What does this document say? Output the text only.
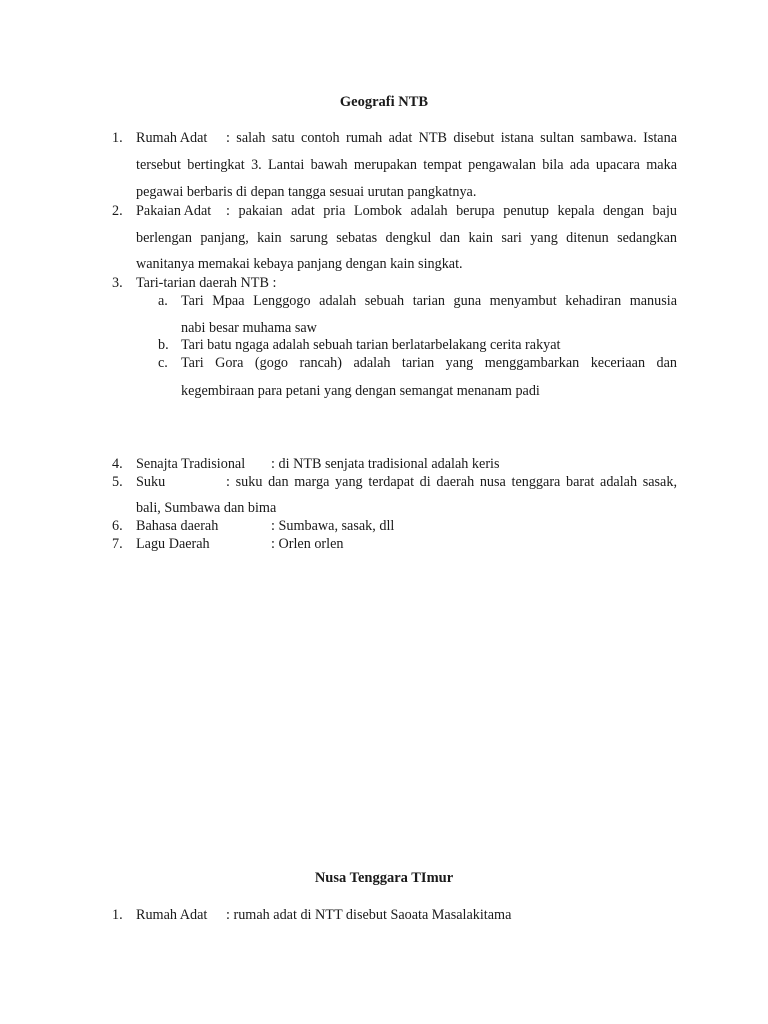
Geografi NTB
1. Rumah Adat : salah satu contoh rumah adat NTB disebut istana sultan sambawa. Istana
tersebut bertingkat 3. Lantai bawah merupakan tempat pengawalan bila ada upacara maka
pegawai berbaris di depan tangga sesuai urutan pangkatnya.
2. Pakaian Adat : pakaian adat pria Lombok adalah berupa penutup kepala dengan baju
berlengan panjang, kain sarung sebatas dengkul dan kain sari yang ditenun sedangkan
wanitanya memakai kebaya panjang dengan kain singkat.
3. Tari-tarian daerah NTB :
a. Tari Mpaa Lenggogo adalah sebuah tarian guna menyambut kehadiran manusia
nabi besar muhama saw
b. Tari batu ngaga adalah sebuah tarian berlatarbelakang cerita rakyat
c. Tari Gora (gogo rancah) adalah tarian yang menggambarkan keceriaan dan
kegembiraan para petani yang dengan semangat menanam padi
4. Senajta Tradisional : di NTB senjata tradisional adalah keris
5. Suku	: suku dan marga yang terdapat di daerah nusa tenggara barat adalah sasak,
bali, Sumbawa dan bima
6. Bahasa daerah	: Sumbawa, sasak, dll
7. Lagu Daerah	: Orlen orlen
Nusa Tenggara TImur
1. Rumah Adat : rumah adat di NTT disebut Saoata Masalakitama
